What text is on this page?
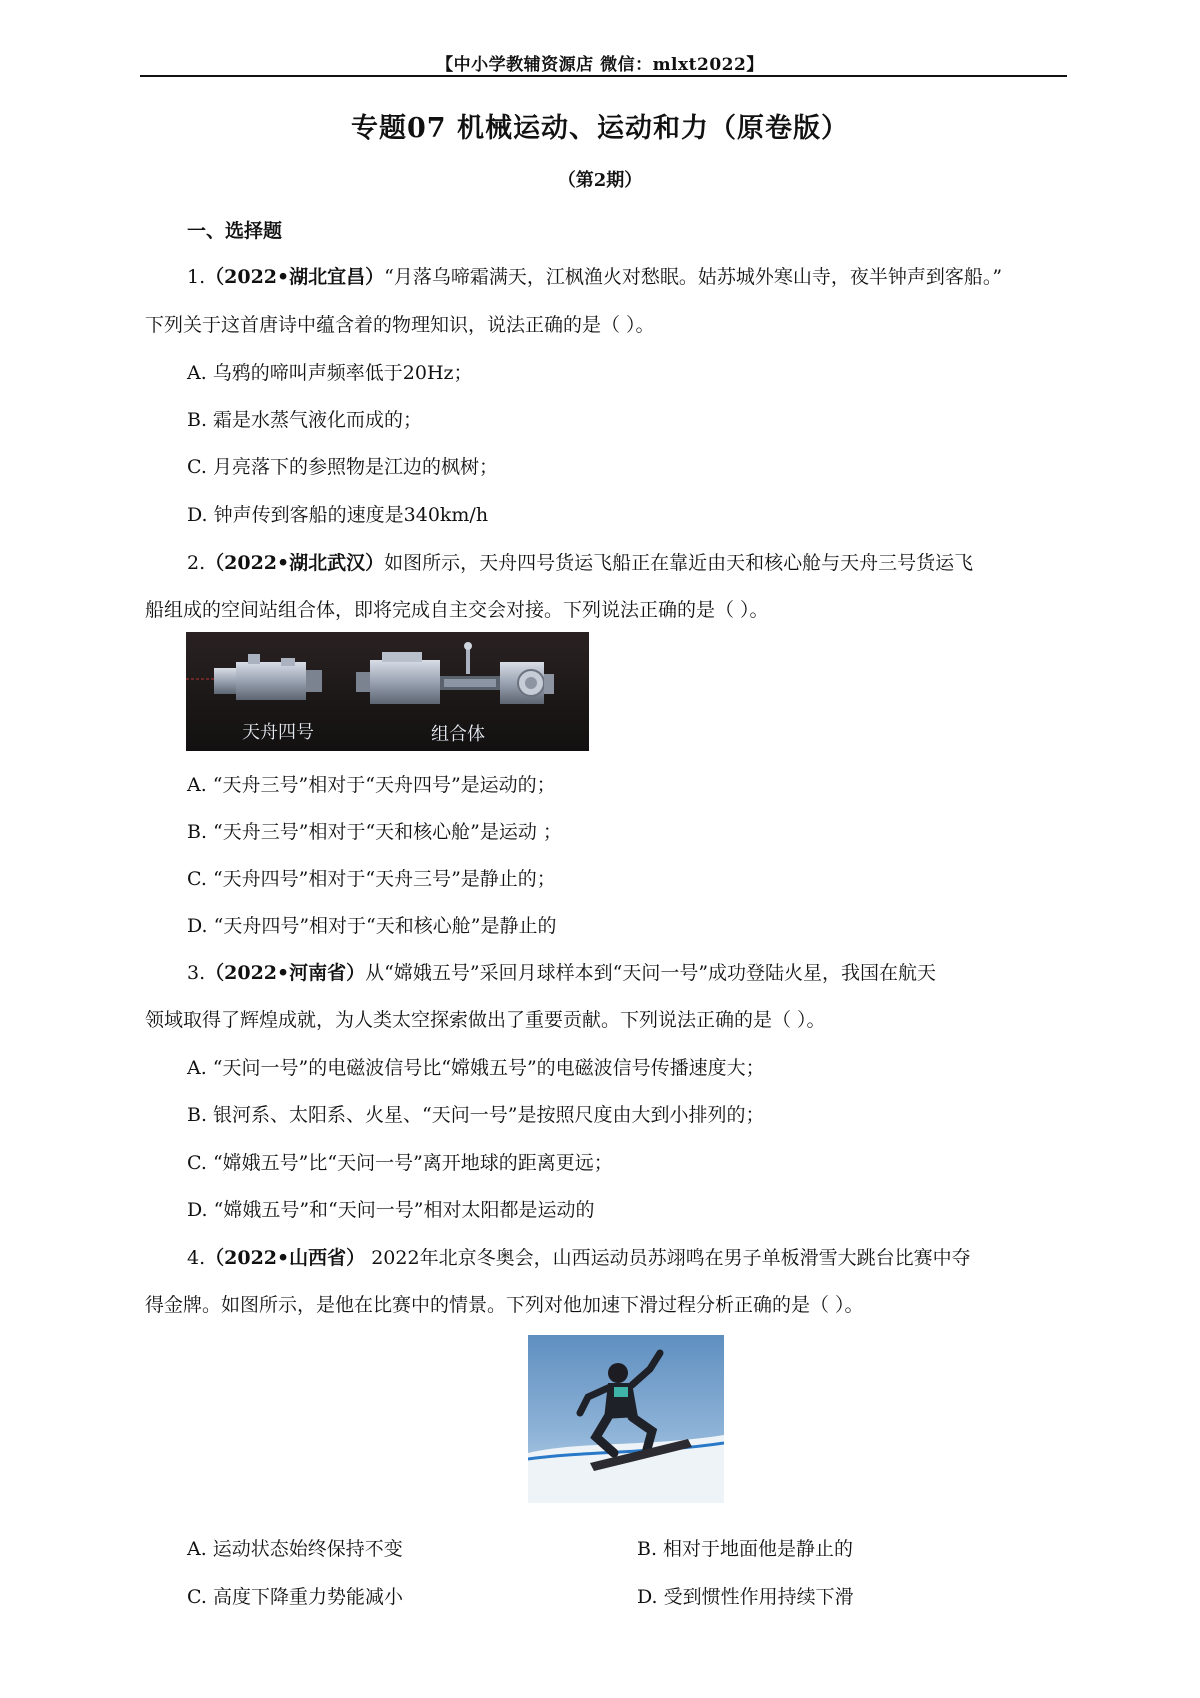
【中小学教辅资源店 微信：mlxt2022】
专题07 机械运动、运动和力（原卷版）
（第2期）
一、选择题
1.（2022•湖北宜昌）“月落乌啼霜满天，江枫渔火对愁眠。姑苏城外寒山寺，夜半钟声到客船。”
下列关于这首唐诗中蕴含着的物理知识，说法正确的是（ ）。
A. 乌鸦的啼叫声频率低于20Hz；
B. 霜是水蒸气液化而成的；
C. 月亮落下的参照物是江边的枫树；
D. 钟声传到客船的速度是340km/h
2.（2022•湖北武汉）如图所示，天舟四号货运飞船正在靠近由天和核心舱与天舟三号货运飞
船组成的空间站组合体，即将完成自主交会对接。下列说法正确的是（ ）。
天舟四号	组合体
A. “天舟三号”相对于“天舟四号”是运动的；
B. “天舟三号”相对于“天和核心舱”是运动 ；
C. “天舟四号”相对于“天舟三号”是静止的；
D. “天舟四号”相对于“天和核心舱”是静止的
3.（2022•河南省）从“嫦娥五号”采回月球样本到“天问一号”成功登陆火星，我国在航天
领域取得了辉煌成就，为人类太空探索做出了重要贡献。下列说法正确的是（ ）。
A. “天问一号”的电磁波信号比“嫦娥五号”的电磁波信号传播速度大；
B. 银河系、太阳系、火星、“天问一号”是按照尺度由大到小排列的；
C. “嫦娥五号”比“天问一号”离开地球的距离更远；
D. “嫦娥五号”和“天问一号”相对太阳都是运动的
4.（2022•山西省） 2022年北京冬奥会，山西运动员苏翊鸣在男子单板滑雪大跳台比赛中夺
得金牌。如图所示，是他在比赛中的情景。下列对他加速下滑过程分析正确的是（ ）。
A. 运动状态始终保持不变	B. 相对于地面他是静止的
C. 高度下降重力势能减小	D. 受到惯性作用持续下滑
